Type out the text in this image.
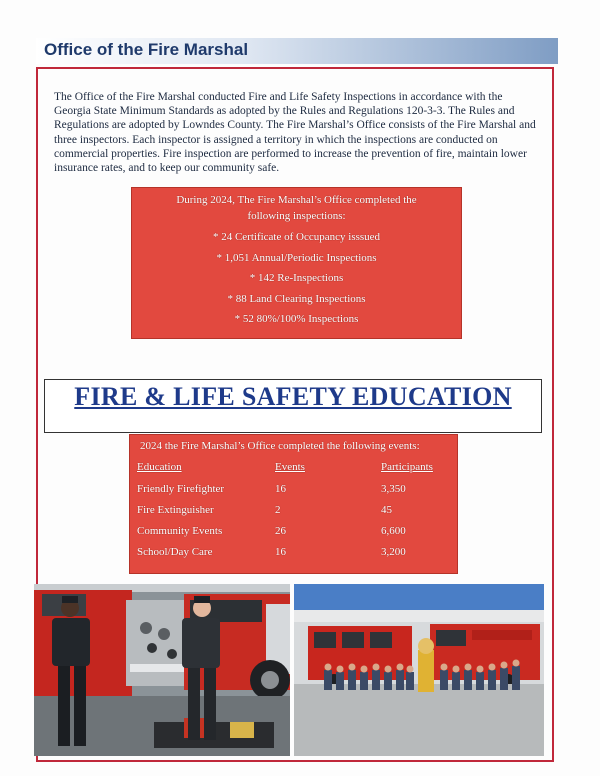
Office of the Fire Marshal

The Office of the Fire Marshal conducted Fire and Life Safety Inspections in accordance with the Georgia State Minimum Standards as adopted by the Rules and Regulations 120-3-3. The Rules and Regulations are adopted by Lowndes County. The Fire Marshal’s Office consists of the Fire Marshal and three inspectors. Each inspector is assigned a territory in which the inspections are conducted on commercial properties. Fire inspection are performed to increase the prevention of fire, maintain lower insurance rates, and to keep our community safe.

During 2024, The Fire Marshal’s Office completed the
following inspections:
* 24 Certificate of Occupancy isssued
* 1,051 Annual/Periodic Inspections
* 142 Re-Inspections
* 88 Land Clearing Inspections
* 52 80%/100% Inspections
FIRE & LIFE SAFETY EDUCATION
2024 the Fire Marshal’s Office completed the following events:
Education	Events	Participants
Friendly Firefighter	16	3,350
Fire Extinguisher	2	45
Community Events	26	6,600
School/Day Care	16	3,200
